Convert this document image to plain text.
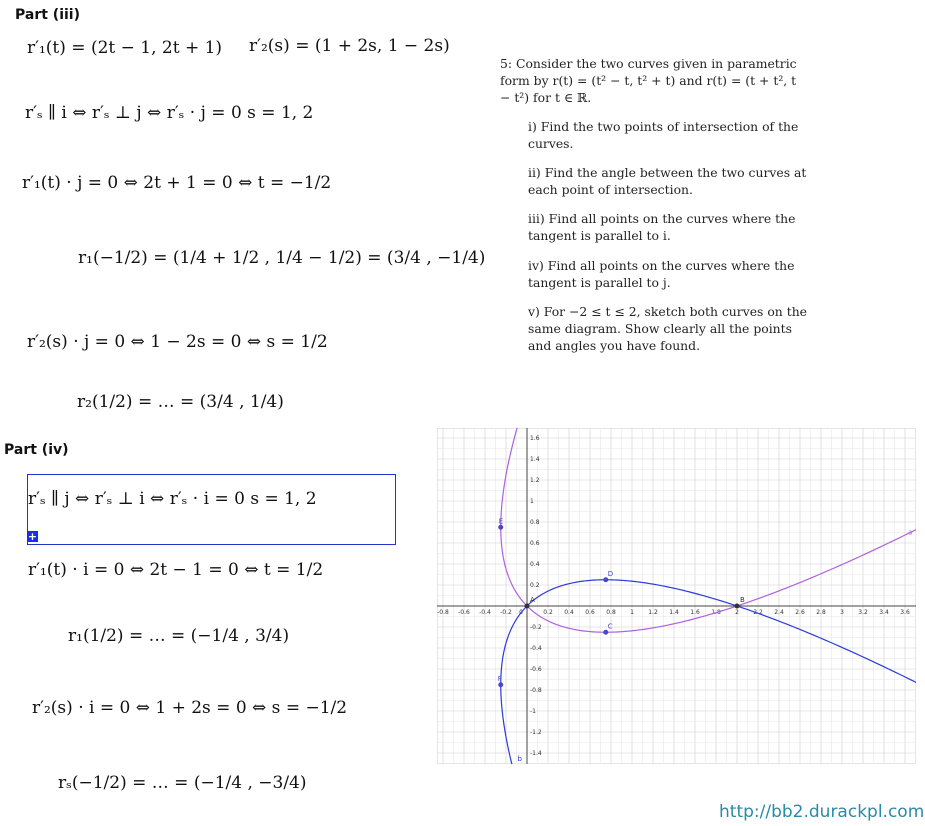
Part (iii)
r′₁(t) = (2t − 1, 2t + 1) r′₂(s) = (1 + 2s, 1 − 2s)
r′ₛ ∥ i ⇔ r′ₛ ⊥ j ⇔ r′ₛ · j = 0 s = 1, 2
r′₁(t) · j = 0 ⇔ 2t + 1 = 0 ⇔ t = −1/2
r₁(−1/2) = (1/4 + 1/2 , 1/4 − 1/2) = (3/4 , −1/4)
r′₂(s) · j = 0 ⇔ 1 − 2s = 0 ⇔ s = 1/2
r₂(1/2) = … = (3/4 , 1/4)
Part (iv)
r′ₛ ∥ j ⇔ r′ₛ ⊥ i ⇔ r′ₛ · i = 0 s = 1, 2
+
r′₁(t) · i = 0 ⇔ 2t − 1 = 0 ⇔ t = 1/2
r₁(1/2) = … = (−1/4 , 3/4)
r′₂(s) · i = 0 ⇔ 1 + 2s = 0 ⇔ s = −1/2
rₛ(−1/2) = … = (−1/4 , −3/4)
5: Consider the two curves given in parametric form by r(t) = (t² − t, t² + t) and r(t) = (t + t², t − t²) for t ∈ ℝ.
i) Find the two points of intersection of the curves.
ii) Find the angle between the two curves at each point of intersection.
iii) Find all points on the curves where the tangent is parallel to i.
iv) Find all points on the curves where the tangent is parallel to j.
v) For −2 ≤ t ≤ 2, sketch both curves on the same diagram. Show clearly all the points and angles you have found.
-0.8 -0.6 -0.4 -0.2 0	0.2 0.4 0.6 0.8 1 1.2 1.4 1.6 1.8 2 2.2 2.4 2.6 2.8 3 3.2 3.4 3.6
1.6
1.4
1.2
1
0.8
0.6
0.4
0.2
-0.2
-0.4
-0.6
-0.8
-1
-1.2
-1.4
a
b
A	B
C
D
E
F
http://bb2.durackpl.com
